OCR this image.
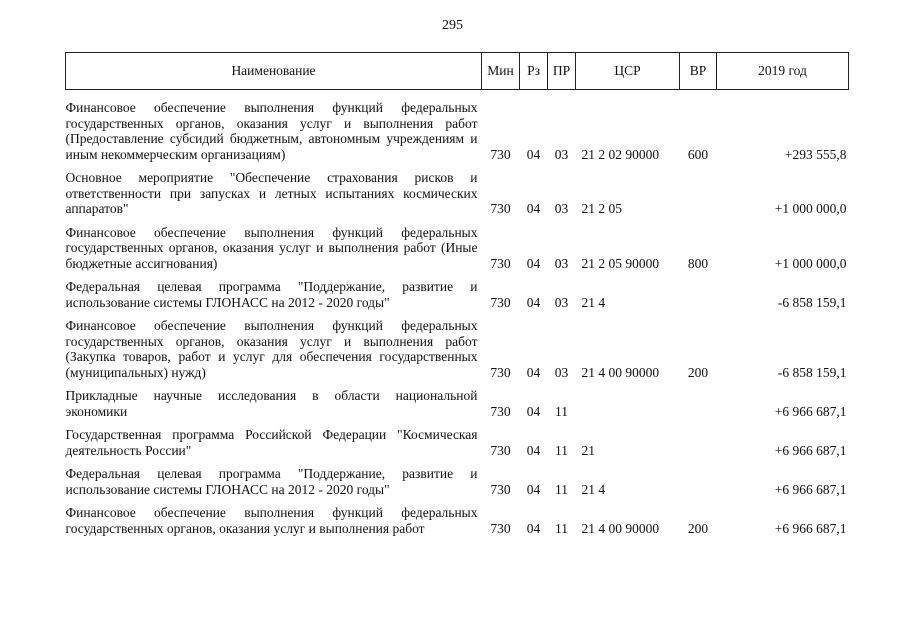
295
Наименование	Мин	Рз	ПР	ЦСР	ВР	2019 год

Финансовое обеспечение выполнения функций федеральных государственных органов, оказания услуг и выполнения работ (Предоставление субсидий бюджетным, автономным учреждениям и иным некоммерческим организациям)	730	04	03	21 2 02 90000	600	+293 555,8

Основное мероприятие "Обеспечение страхования рисков и ответственности при запусках и летных испытаниях космических аппаратов"	730	04	03	21 2 05		+1 000 000,0

Финансовое обеспечение выполнения функций федеральных государственных органов, оказания услуг и выполнения работ (Иные бюджетные ассигнования)	730	04	03	21 2 05 90000	800	+1 000 000,0

Федеральная целевая программа "Поддержание, развитие и использование системы ГЛОНАСС на 2012 - 2020 годы"	730	04	03	21 4		-6 858 159,1

Финансовое обеспечение выполнения функций федеральных государственных органов, оказания услуг и выполнения работ (Закупка товаров, работ и услуг для обеспечения государственных (муниципальных) нужд)	730	04	03	21 4 00 90000	200	-6 858 159,1

Прикладные научные исследования в области национальной экономики	730	04	11			+6 966 687,1

Государственная программа Российской Федерации "Космическая деятельность России"	730	04	11	21		+6 966 687,1

Федеральная целевая программа "Поддержание, развитие и использование системы ГЛОНАСС на 2012 - 2020 годы"	730	04	11	21 4		+6 966 687,1

Финансовое обеспечение выполнения функций федеральных государственных органов, оказания услуг и выполнения работ	730	04	11	21 4 00 90000	200	+6 966 687,1
